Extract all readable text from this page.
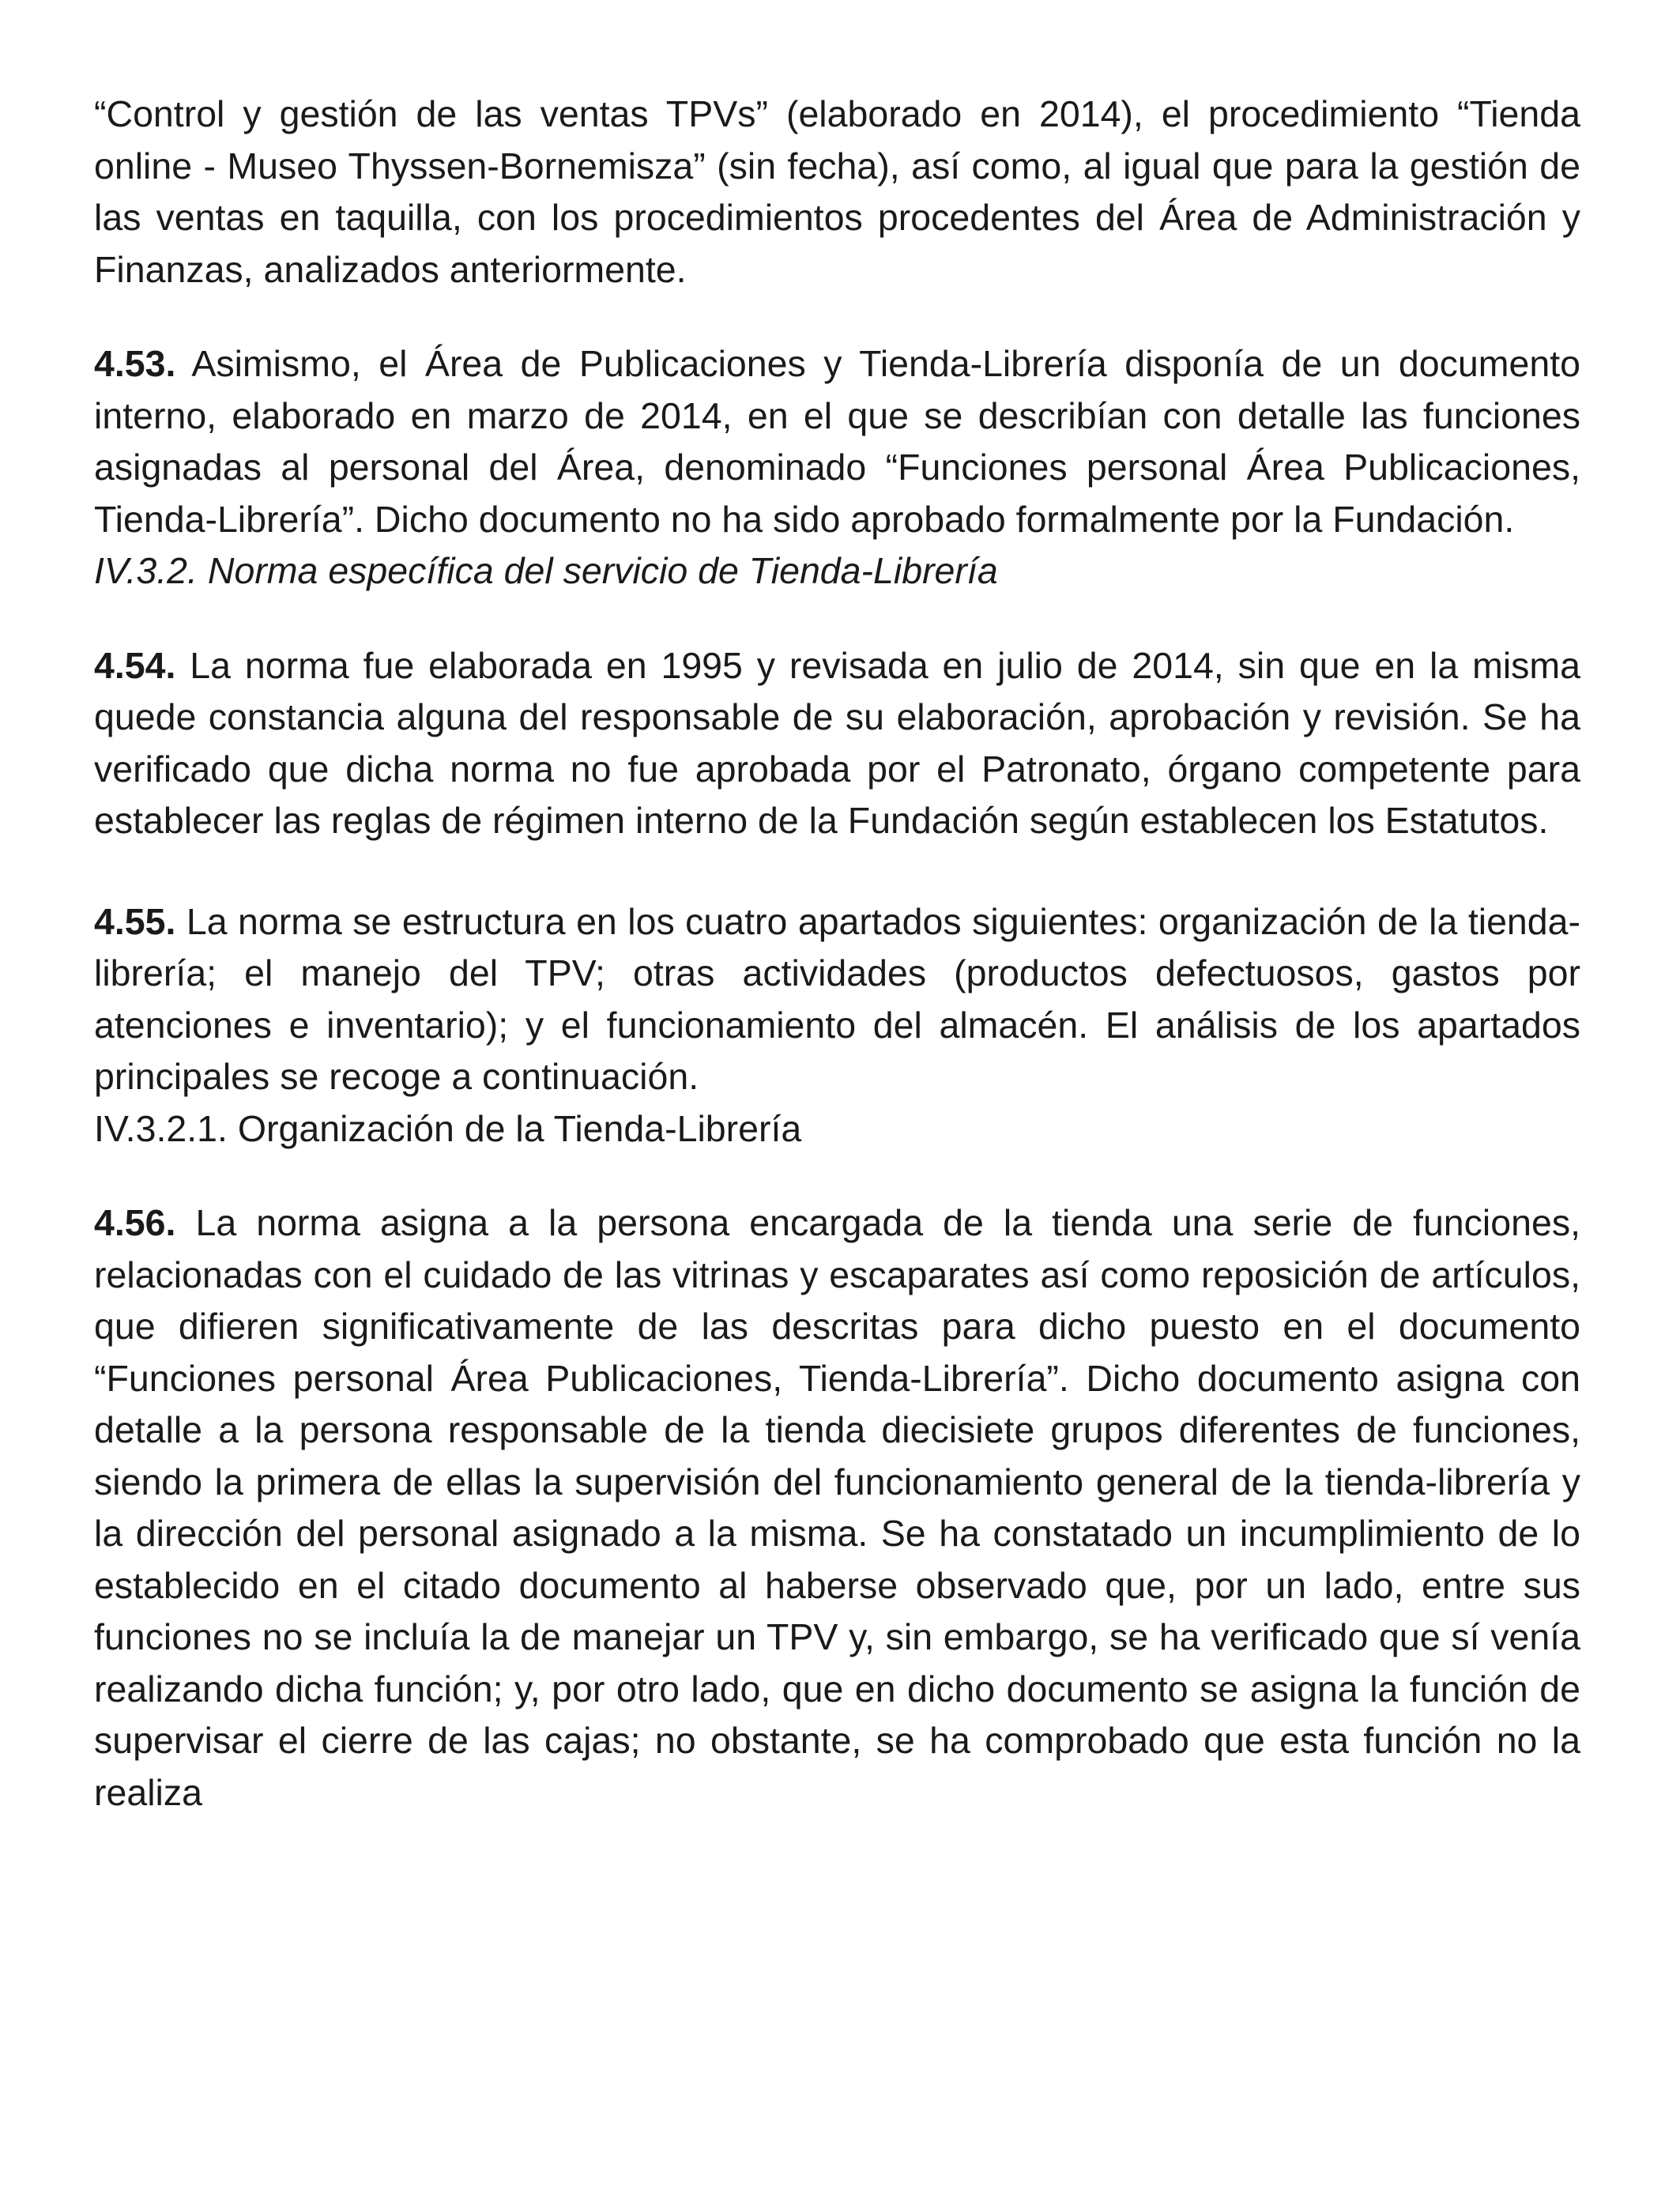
“Control y gestión de las ventas TPVs” (elaborado en 2014), el procedimiento “Tienda online - Museo Thyssen-Bornemisza” (sin fecha), así como, al igual que para la gestión de las ventas en taquilla, con los procedimientos procedentes del Área de Administración y Finanzas, analizados anteriormente.

4.53. Asimismo, el Área de Publicaciones y Tienda-Librería disponía de un documento interno, elaborado en marzo de 2014, en el que se describían con detalle las funciones asignadas al personal del Área, denominado “Funciones personal Área Publicaciones, Tienda-Librería”. Dicho documento no ha sido aprobado formalmente por la Fundación.

IV.3.2. Norma específica del servicio de Tienda-Librería

4.54. La norma fue elaborada en 1995 y revisada en julio de 2014, sin que en la misma quede constancia alguna del responsable de su elaboración, aprobación y revisión. Se ha verificado que dicha norma no fue aprobada por el Patronato, órgano competente para establecer las reglas de régimen interno de la Fundación según establecen los Estatutos.

4.55. La norma se estructura en los cuatro apartados siguientes: organización de la tienda-librería; el manejo del TPV; otras actividades (productos defectuosos, gastos por atenciones e inventario); y el funcionamiento del almacén. El análisis de los apartados principales se recoge a continuación.

IV.3.2.1. Organización de la Tienda-Librería

4.56. La norma asigna a la persona encargada de la tienda una serie de funciones, relacionadas con el cuidado de las vitrinas y escaparates así como reposición de artículos, que difieren significativamente de las descritas para dicho puesto en el documento “Funciones personal Área Publicaciones, Tienda-Librería”. Dicho documento asigna con detalle a la persona responsable de la tienda diecisiete grupos diferentes de funciones, siendo la primera de ellas la supervisión del funcionamiento general de la tienda-librería y la dirección del personal asignado a la misma. Se ha constatado un incumplimiento de lo establecido en el citado documento al haberse observado que, por un lado, entre sus funciones no se incluía la de manejar un TPV y, sin embargo, se ha verificado que sí venía realizando dicha función; y, por otro lado, que en dicho documento se asigna la función de supervisar el cierre de las cajas; no obstante, se ha comprobado que esta función no la realiza
